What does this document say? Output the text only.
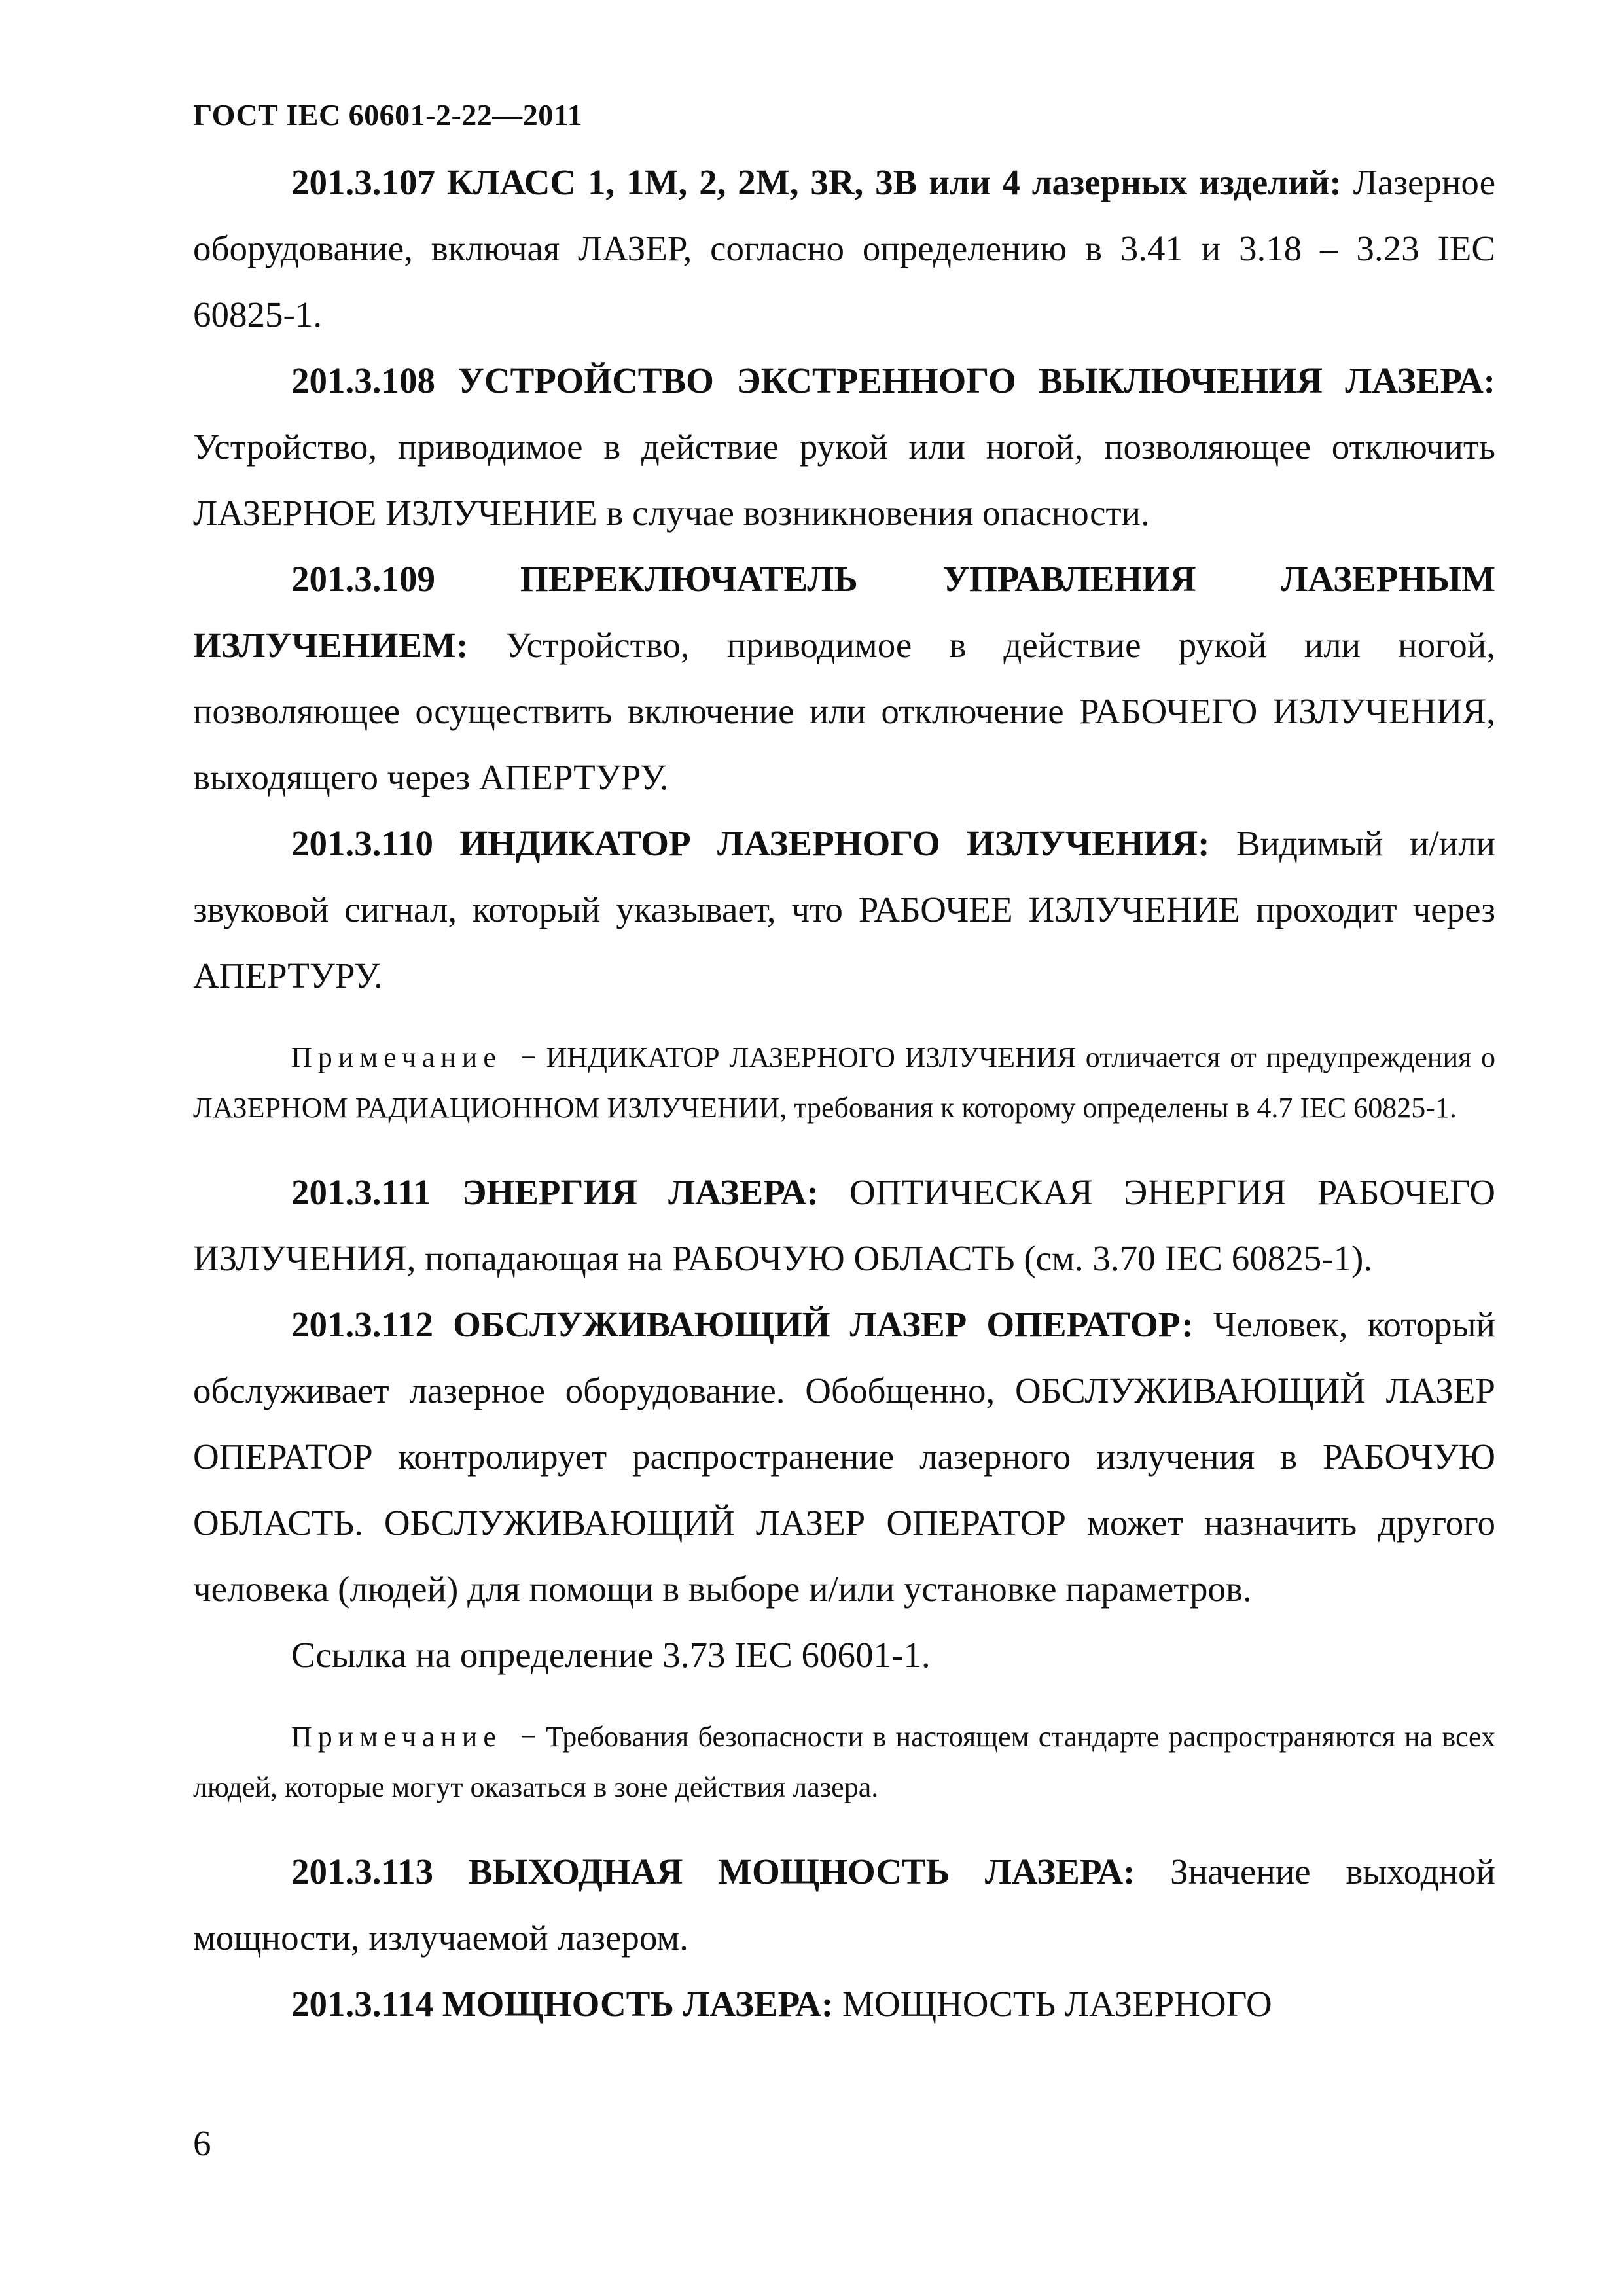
ГОСТ IEC 60601-2-22—2011

201.3.107 КЛАСС 1, 1М, 2, 2М, 3R, 3В или 4 лазерных изделий: Лазерное оборудование, включая ЛАЗЕР, согласно определению в 3.41 и 3.18 – 3.23 IEC 60825-1.

201.3.108 УСТРОЙСТВО ЭКСТРЕННОГО ВЫКЛЮЧЕНИЯ ЛАЗЕРА: Устройство, приводимое в действие рукой или ногой, позволяющее отключить ЛАЗЕРНОЕ ИЗЛУЧЕНИЕ в случае возникновения опасности.

201.3.109 ПЕРЕКЛЮЧАТЕЛЬ УПРАВЛЕНИЯ ЛАЗЕРНЫМ ИЗЛУЧЕНИЕМ: Устройство, приводимое в действие рукой или ногой, позволяющее осуществить включение или отключение РАБОЧЕГО ИЗЛУЧЕНИЯ, выходящего через АПЕРТУРУ.

201.3.110 ИНДИКАТОР ЛАЗЕРНОГО ИЗЛУЧЕНИЯ: Видимый и/или звуковой сигнал, который указывает, что РАБОЧЕЕ ИЗЛУЧЕНИЕ проходит через АПЕРТУРУ.

Примечание − ИНДИКАТОР ЛАЗЕРНОГО ИЗЛУЧЕНИЯ отличается от предупреждения о ЛАЗЕРНОМ РАДИАЦИОННОМ ИЗЛУЧЕНИИ, требования к которому определены в 4.7 IEC 60825-1.

201.3.111 ЭНЕРГИЯ ЛАЗЕРА: ОПТИЧЕСКАЯ ЭНЕРГИЯ РАБОЧЕГО ИЗЛУЧЕНИЯ, попадающая на РАБОЧУЮ ОБЛАСТЬ (см. 3.70 IEC 60825-1).

201.3.112 ОБСЛУЖИВАЮЩИЙ ЛАЗЕР ОПЕРАТОР: Человек, который обслуживает лазерное оборудование. Обобщенно, ОБСЛУЖИВАЮЩИЙ ЛАЗЕР ОПЕРАТОР контролирует распространение лазерного излучения в РАБОЧУЮ ОБЛАСТЬ. ОБСЛУЖИВАЮЩИЙ ЛАЗЕР ОПЕРАТОР может назначить другого человека (людей) для помощи в выборе и/или установке параметров.

Ссылка на определение 3.73 IEC 60601-1.

Примечание − Требования безопасности в настоящем стандарте распространяются на всех людей, которые могут оказаться в зоне действия лазера.

201.3.113 ВЫХОДНАЯ МОЩНОСТЬ ЛАЗЕРА: Значение выходной мощности, излучаемой лазером.

201.3.114 МОЩНОСТЬ ЛАЗЕРА: МОЩНОСТЬ ЛАЗЕРНОГО

6
